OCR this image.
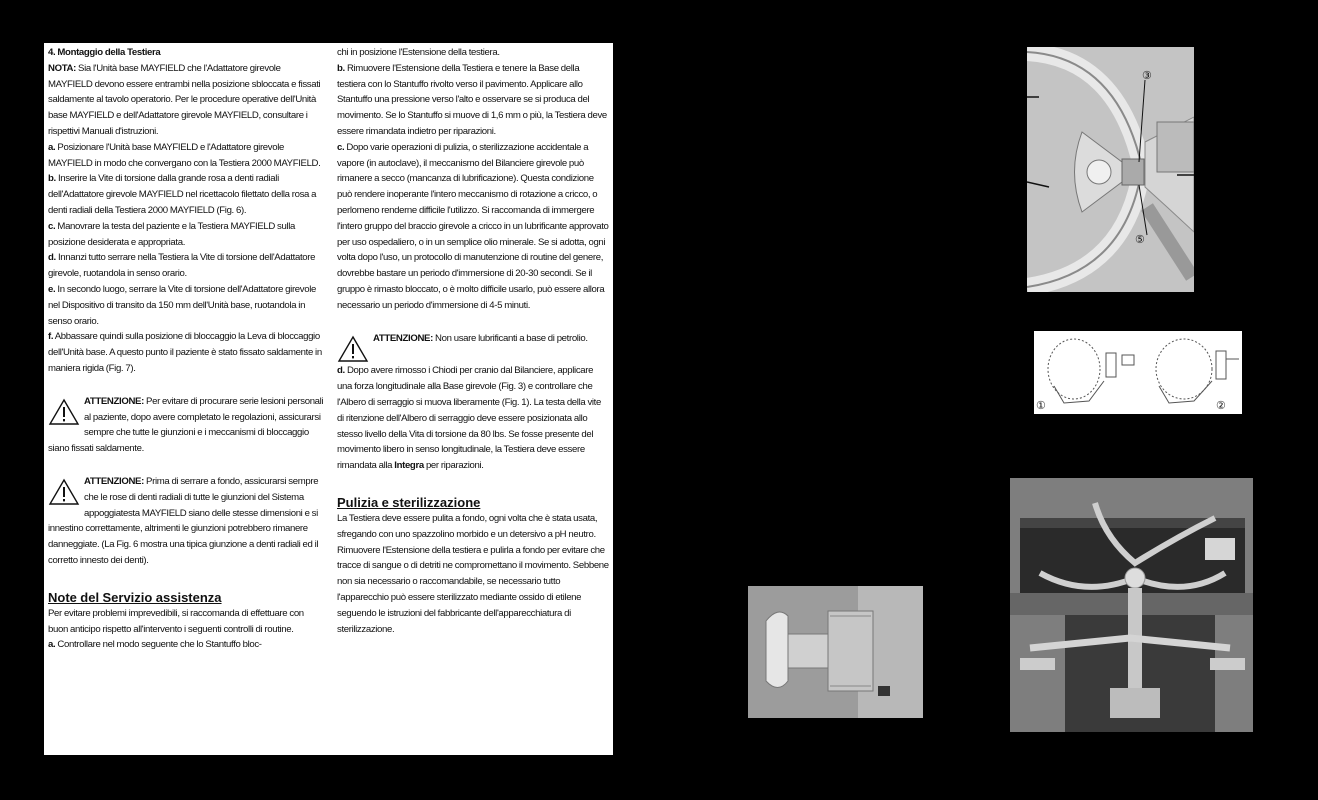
4. Montaggio della Testiera

NOTA: Sia l'Unità base MAYFIELD che l'Adattatore girevole MAYFIELD devono essere entrambi nella posizione sbloccata e fissati saldamente al tavolo operatorio. Per le procedure operative dell'Unità base MAYFIELD e dell'Adattatore girevole MAYFIELD, consultare i rispettivi Manuali d'istruzioni.

a. Posizionare l'Unità base MAYFIELD e l'Adattatore girevole MAYFIELD in modo che convergano con la Testiera 2000 MAYFIELD.

b. Inserire la Vite di torsione dalla grande rosa a denti radiali dell'Adattatore girevole MAYFIELD nel ricettacolo filettato della rosa a denti radiali della Testiera 2000 MAYFIELD (Fig. 6).

c. Manovrare la testa del paziente e la Testiera MAYFIELD sulla posizione desiderata e appropriata.

d. Innanzi tutto serrare nella Testiera la Vite di torsione dell'Adattatore girevole, ruotandola in senso orario.

e. In secondo luogo, serrare la Vite di torsione dell'Adattatore girevole nel Dispositivo di transito da 150 mm dell'Unità base, ruotandola in senso orario.

f. Abbassare quindi sulla posizione di bloccaggio la Leva di bloccaggio dell'Unità base. A questo punto il paziente è stato fissato saldamente in maniera rigida (Fig. 7).

ATTENZIONE: Per evitare di procurare serie lesioni personali al paziente, dopo avere completato le regolazioni, assicurarsi sempre che tutte le giunzioni e i meccanismi di bloccaggio siano fissati saldamente.

ATTENZIONE: Prima di serrare a fondo, assicurarsi sempre che le rose di denti radiali di tutte le giunzioni del Sistema appoggiatesta MAYFIELD siano delle stesse dimensioni e si innestino correttamente, altrimenti le giunzioni potrebbero rimanere danneggiate. (La Fig. 6 mostra una tipica giunzione a denti radiali ed il corretto innesto dei denti).

Note del Servizio assistenza

Per evitare problemi imprevedibili, si raccomanda di effettuare con buon anticipo rispetto all'intervento i seguenti controlli di routine.

a. Controllare nel modo seguente che lo Stantuffo bloc-

chi in posizione l'Estensione della testiera.

b. Rimuovere l'Estensione della Testiera e tenere la Base della testiera con lo Stantuffo rivolto verso il pavimento. Applicare allo Stantuffo una pressione verso l'alto e osservare se si produca del movimento. Se lo Stantuffo si muove di 1,6 mm o più, la Testiera deve essere rimandata indietro per riparazioni.

c. Dopo varie operazioni di pulizia, o sterilizzazione accidentale a vapore (in autoclave), il meccanismo del Bilanciere girevole può rimanere a secco (mancanza di lubrificazione). Questa condizione può rendere inoperante l'intero meccanismo di rotazione a cricco, o perlomeno renderne difficile l'utilizzo. Si raccomanda di immergere l'intero gruppo del braccio girevole a cricco in un lubrificante approvato per uso ospedaliero, o in un semplice olio minerale. Se si adotta, ogni volta dopo l'uso, un protocollo di manutenzione di routine del genere, dovrebbe bastare un periodo d'immersione di 20-30 secondi. Se il gruppo è rimasto bloccato, o è molto difficile usarlo, può essere allora necessario un periodo d'immersione di 4-5 minuti.

ATTENZIONE: Non usare lubrificanti a base di petrolio.

d. Dopo avere rimosso i Chiodi per cranio dal Bilanciere, applicare una forza longitudinale alla Base girevole (Fig. 3) e controllare che l'Albero di serraggio si muova liberamente (Fig. 1). La testa della vite di ritenzione dell'Albero di serraggio deve essere posizionata allo stesso livello della Vita di torsione da 80 lbs. Se fosse presente del movimento libero in senso longitudinale, la Testiera deve essere rimandata alla Integra per riparazioni.

Pulizia e sterilizzazione

La Testiera deve essere pulita a fondo, ogni volta che è stata usata, sfregando con uno spazzolino morbido e un detersivo a pH neutro. Rimuovere l'Estensione della testiera e pulirla a fondo per evitare che tracce di sangue o di detriti ne compromettano il movimento. Sebbene non sia necessario o raccomandabile, se necessario tutto l'apparecchio può essere sterilizzato mediante ossido di etilene seguendo le istruzioni del fabbricante dell'apparecchiatura di sterilizzazione.

③
⑤
①	②
